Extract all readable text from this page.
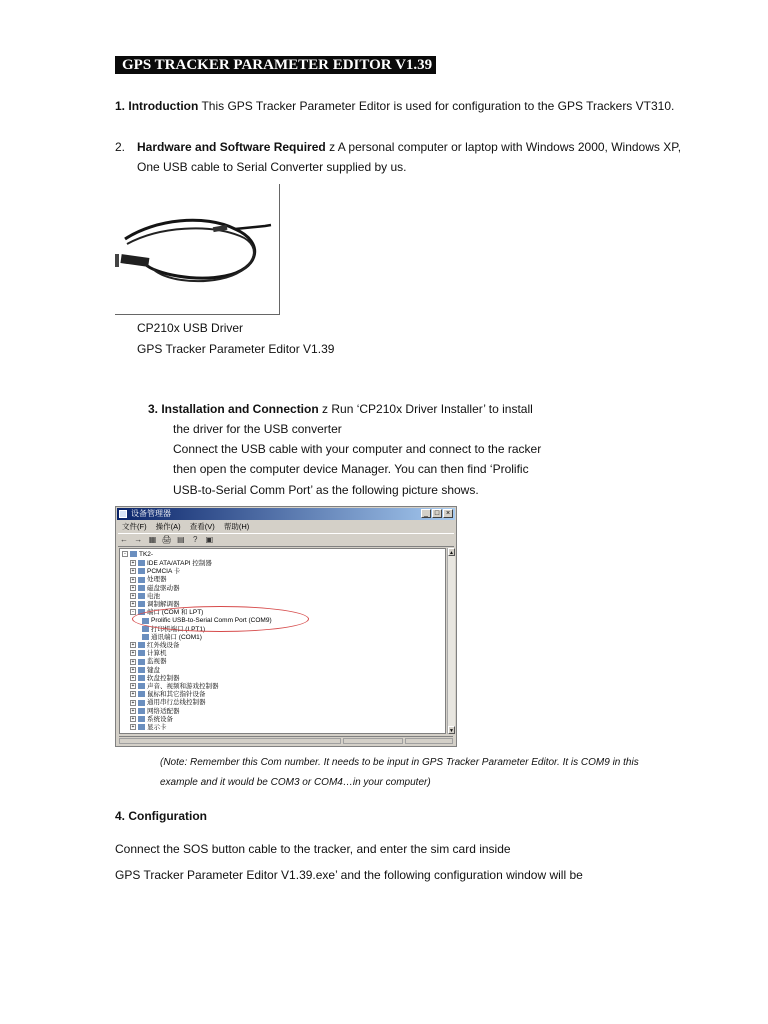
GPS TRACKER PARAMETER EDITOR V1.39
1. Introduction This GPS Tracker Parameter Editor is used for configuration to the GPS Trackers VT310.
2. Hardware and Software Required z A personal computer or laptop with Windows 2000, Windows XP,
One USB cable to Serial Converter supplied by us.
CP210x USB Driver
GPS Tracker Parameter Editor V1.39
3. Installation and Connection z Run ‘CP210x Driver Installer’ to install
the driver for the USB converter
Connect the USB cable with your computer and connect to the racker
then open the computer device Manager. You can then find ‘Prolific
USB-to-Serial Comm Port’ as the following picture shows.
设备管理器	_ □ ×
文件(F) 操作(A) 查看(V) 帮助(H)
← → ▦ 🖨 ▤ ? ▣
- TK2-
+ IDE ATA/ATAPI 控制器
+ PCMCIA 卡
+ 处理器
+ 磁盘驱动器
+ 电池
+ 调制解调器
- 端口 (COM 和 LPT)
Prolific USB-to-Serial Comm Port (COM9)
打印机端口 (LPT1)
通讯端口 (COM1)
+ 红外线设备
+ 计算机
+ 监视器
+ 键盘
+ 软盘控制器
+ 声音、视频和游戏控制器
+ 鼠标和其它指针设备
+ 通用串行总线控制器
+ 网络适配器
+ 系统设备
+ 显示卡
▲
▼
(Note: Remember this Com number. It needs to be input in GPS Tracker Parameter Editor. It is COM9 in this
example and it would be COM3 or COM4…in your computer)
4. Configuration
Connect the SOS button cable to the tracker, and enter the sim card inside
GPS Tracker Parameter Editor V1.39.exe’ and the following configuration window will be
